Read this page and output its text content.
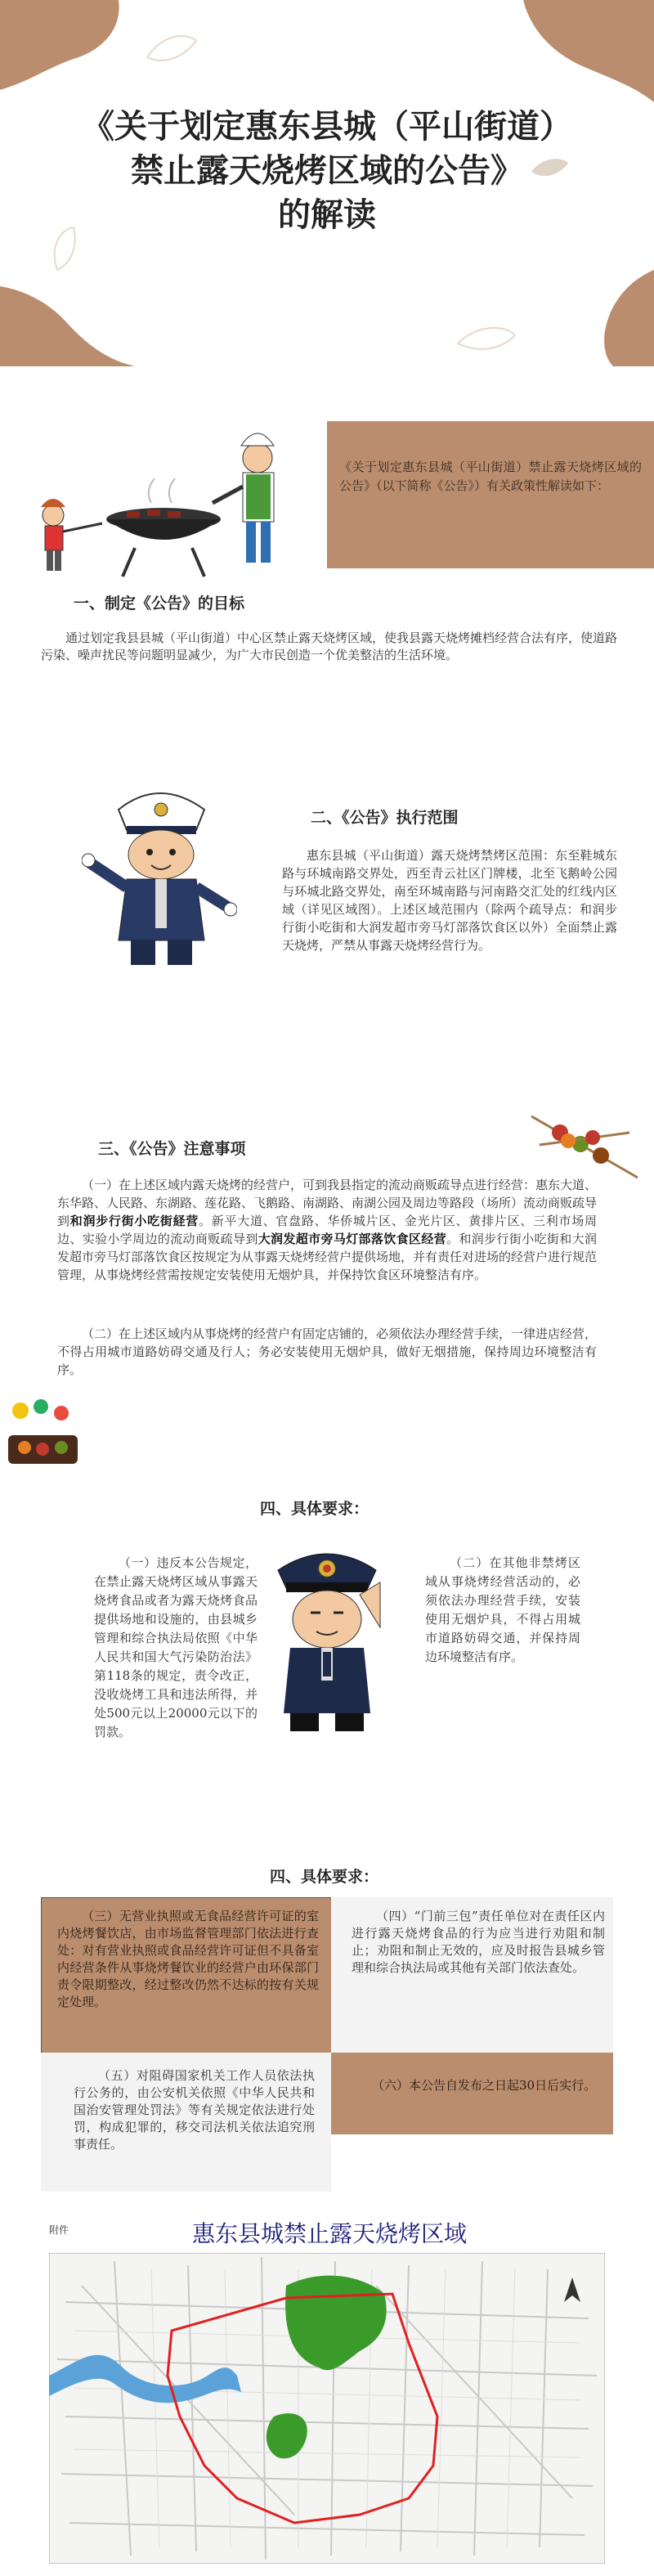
《关于划定惠东县城（平山街道）
禁止露天烧烤区域的公告》
的解读
《关于划定惠东县城（平山街道）禁止露天烧烤区域的公告》（以下简称《公告》）有关政策性解读如下：
一、制定《公告》的目标
通过划定我县县城（平山街道）中心区禁止露天烧烤区域，使我县露天烧烤摊档经营合法有序，使道路污染、噪声扰民等问题明显减少，为广大市民创造一个优美整洁的生活环境。
二、《公告》执行范围
惠东县城（平山街道）露天烧烤禁烤区范围：东至鞋城东路与环城南路交界处，西至青云社区门牌楼，北至飞鹅岭公园与环城北路交界处，南至环城南路与河南路交汇处的红线内区域（详见区域图）。上述区域范围内（除两个疏导点：和润步行街小吃街和大润发超市旁马灯部落饮食区以外）全面禁止露天烧烤，严禁从事露天烧烤经营行为。
三、《公告》注意事项
（一）在上述区域内露天烧烤的经营户，可到我县指定的流动商贩疏导点进行经营：惠东大道、东华路、人民路、东湖路、莲花路、飞鹅路、南湖路、南湖公园及周边等路段（场所）流动商贩疏导到和润步行街小吃街経营。新平大道、官盘路、华侨城片区、金光片区、黄排片区、三利市场周边、实验小学周边的流动商贩疏导到大润发超市旁马灯部落饮食区经营。和润步行街小吃街和大润发超市旁马灯部落饮食区按规定为从事露天烧烤经营户提供场地，并有责任对进场的经营户进行规范管理，从事烧烤经营需按规定安装使用无烟炉具，并保持饮食区环境整洁有序。
（二）在上述区域内从事烧烤的经营户有固定店铺的，必须依法办理经营手续，一律进店经营，不得占用城市道路妨碍交通及行人；务必安装使用无烟炉具，做好无烟措施，保持周边环境整洁有序。
四、具体要求：
（一）违反本公告规定，在禁止露天烧烤区域从事露天烧烤食品或者为露天烧烤食品提供场地和设施的，由县城乡管理和综合执法局依照《中华人民共和国大气污染防治法》第118条的规定，责令改正，没收烧烤工具和违法所得，并处500元以上20000元以下的罚款。
（二）在其他非禁烤区域从事烧烤经营活动的，必须依法办理经营手续，安装使用无烟炉具，不得占用城市道路妨碍交通，并保持周边环境整洁有序。
四、具体要求：
（三）无营业执照或无食品经营许可证的室内烧烤餐饮店，由市场监督管理部门依法进行查处：对有营业执照或食品经营许可证但不具备室内经营条件从事烧烤餐饮业的经营户由环保部门责令限期整改，经过整改仍然不达标的按有关规定处理。
（四）“门前三包”责任单位对在责任区内进行露天烧烤食品的行为应当进行劝阻和制止；劝阻和制止无效的，应及时报告县城乡管理和综合执法局或其他有关部门依法查处。
（五）对阻碍国家机关工作人员依法执行公务的，由公安机关依照《中华人民共和国治安管理处罚法》等有关规定依法进行处罚，构成犯罪的，移交司法机关依法追究刑事责任。
（六）本公告自发布之日起30日后实行。
附件	惠东县城禁止露天烧烤区域
